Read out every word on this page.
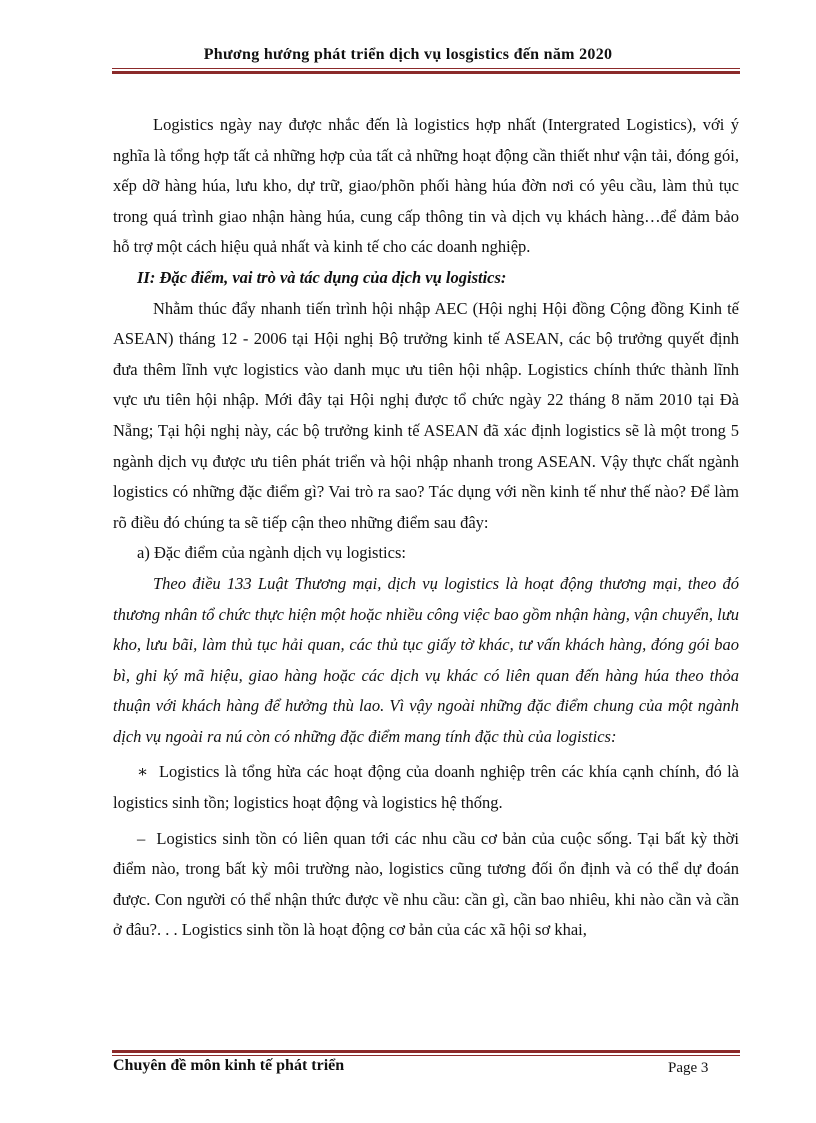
Phương hướng phát triển dịch vụ losgistics đến năm 2020

Logistics ngày nay được nhắc đến là logistics hợp nhất (Intergrated Logistics), với ý nghĩa là tổng hợp tất cả những hợp của tất cả những hoạt động cần thiết như vận tải, đóng gói, xếp dỡ hàng húa, lưu kho, dự trữ, giao/phõn phối hàng húa đờn nơi có yêu cầu, làm thủ tục trong quá trình giao nhận hàng húa, cung cấp thông tin và dịch vụ khách hàng…để đảm bảo hỗ trợ một cách hiệu quả nhất và kinh tế cho các doanh nghiệp.

II: Đặc điểm, vai trò và tác dụng của dịch vụ logistics:

Nhằm thúc đẩy nhanh tiến trình hội nhập AEC (Hội nghị Hội đồng Cộng đồng Kinh tế ASEAN) tháng 12 - 2006 tại Hội nghị Bộ trưởng kinh tế ASEAN, các bộ trưởng quyết định đưa thêm lĩnh vực logistics vào danh mục ưu tiên hội nhập. Logistics chính thức thành lĩnh vực ưu tiên hội nhập. Mới đây tại Hội nghị được tổ chức ngày 22 tháng 8 năm 2010 tại Đà Nẵng; Tại hội nghị này, các bộ trưởng kinh tế ASEAN đã xác định logistics sẽ là một trong 5 ngành dịch vụ được ưu tiên phát triển và hội nhập nhanh trong ASEAN. Vậy thực chất ngành logistics có những đặc điểm gì? Vai trò ra sao? Tác dụng với nền kinh tế như thế nào? Để làm rõ điều đó chúng ta sẽ tiếp cận theo những điểm sau đây:

a) Đặc điểm của ngành dịch vụ logistics:

Theo điều 133 Luật Thương mại, dịch vụ logistics là hoạt động thương mại, theo đó thương nhân tổ chức thực hiện một hoặc nhiều công việc bao gồm nhận hàng, vận chuyển, lưu kho, lưu bãi, làm thủ tục hải quan, các thủ tục giấy tờ khác, tư vấn khách hàng, đóng gói bao bì, ghi ký mã hiệu, giao hàng hoặc các dịch vụ khác có liên quan đến hàng húa theo thỏa thuận với khách hàng để hưởng thù lao. Vì vậy ngoài những đặc điểm chung của một ngành dịch vụ ngoài ra nú còn có những đặc điểm mang tính đặc thù của logistics:

∗ Logistics là tổng hừa các hoạt động của doanh nghiệp trên các khía cạnh chính, đó là logistics sinh tồn; logistics hoạt động và logistics hệ thống.

– Logistics sinh tồn có liên quan tới các nhu cầu cơ bản của cuộc sống. Tại bất kỳ thời điểm nào, trong bất kỳ môi trường nào, logistics cũng tương đối ổn định và có thể dự đoán được. Con người có thể nhận thức được về nhu cầu: cần gì, cần bao nhiêu, khi nào cần và cần ở đâu?. . . Logistics sinh tồn là hoạt động cơ bản của các xã hội sơ khai,

Chuyên đề môn kinh tế phát triển	Page 3
